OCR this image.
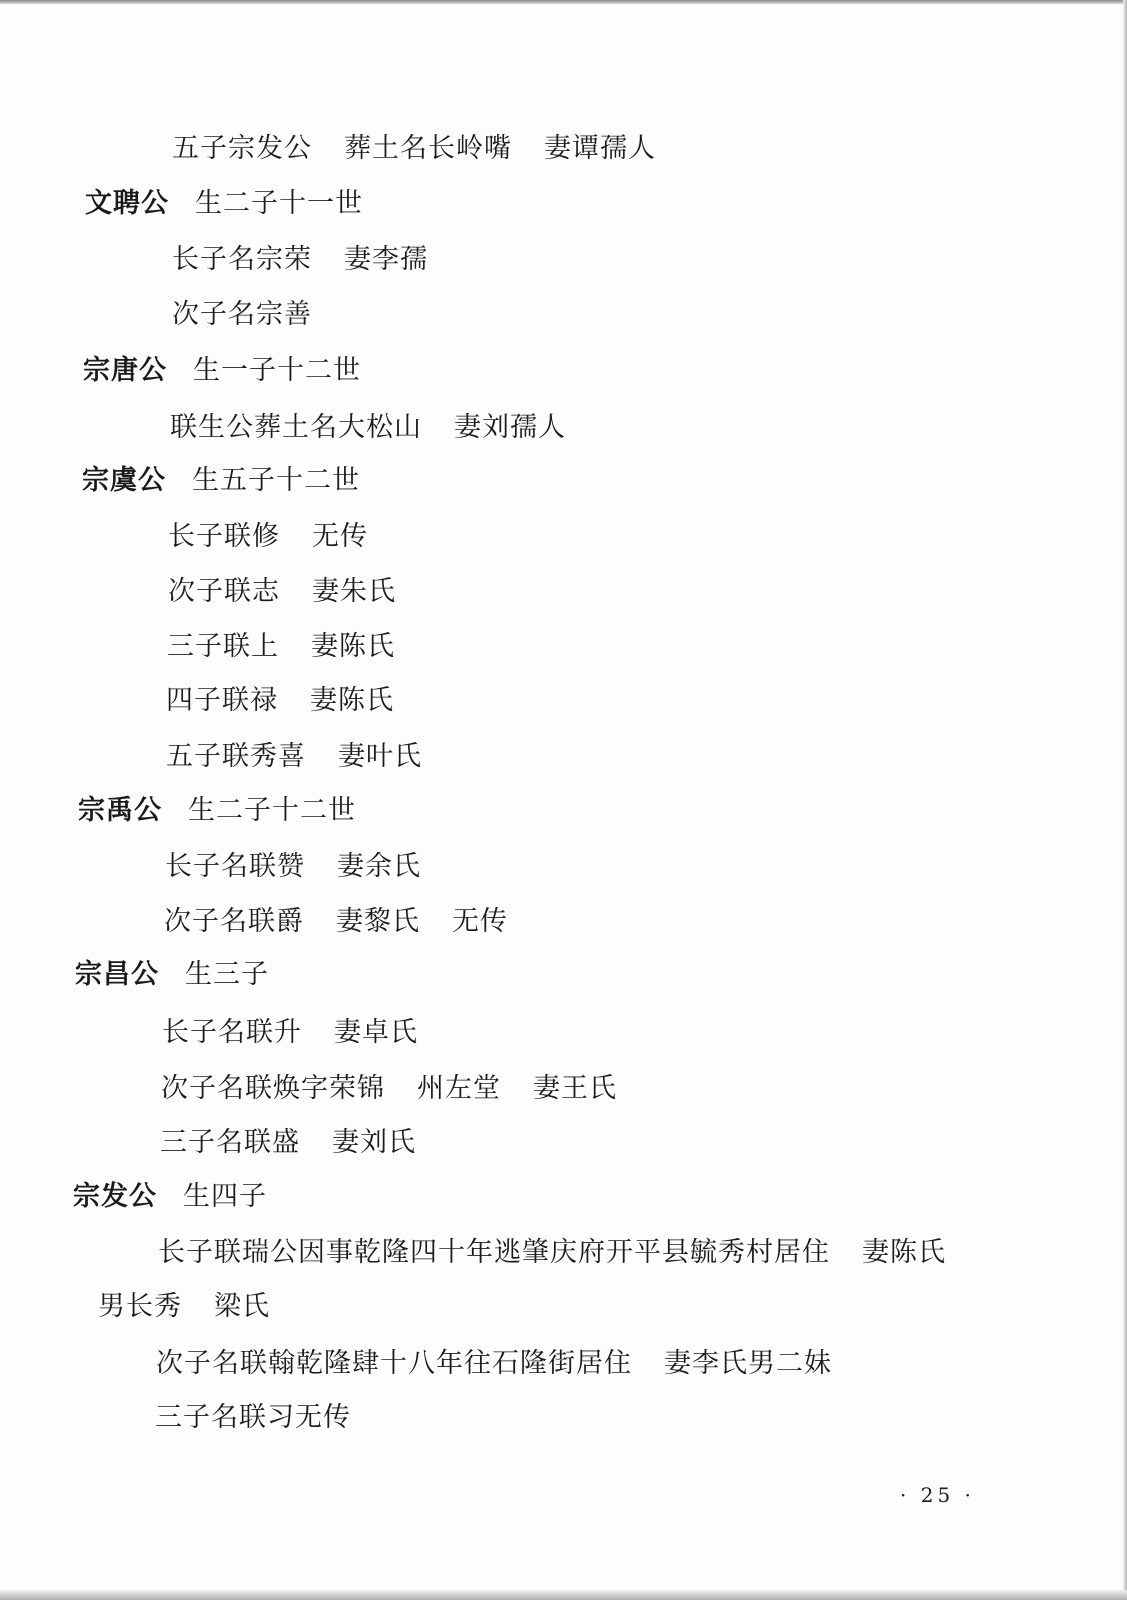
五子宗发公 葬土名长岭嘴 妻谭孺人
文聘公 生二子十一世
长子名宗荣 妻李孺
次子名宗善
宗唐公 生一子十二世
联生公葬土名大松山 妻刘孺人
宗虞公 生五子十二世
长子联修 无传
次子联志 妻朱氏
三子联上 妻陈氏
四子联禄 妻陈氏
五子联秀喜 妻叶氏
宗禹公 生二子十二世
长子名联赞 妻余氏
次子名联爵 妻黎氏 无传
宗昌公 生三子
长子名联升 妻卓氏
次子名联焕字荣锦 州左堂 妻王氏
三子名联盛 妻刘氏
宗发公 生四子
长子联瑞公因事乾隆四十年逃肇庆府开平县毓秀村居住 妻陈氏
男长秀 梁氏
次子名联翰乾隆肆十八年往石隆街居住 妻李氏男二妹
三子名联习无传
· 25 ·
